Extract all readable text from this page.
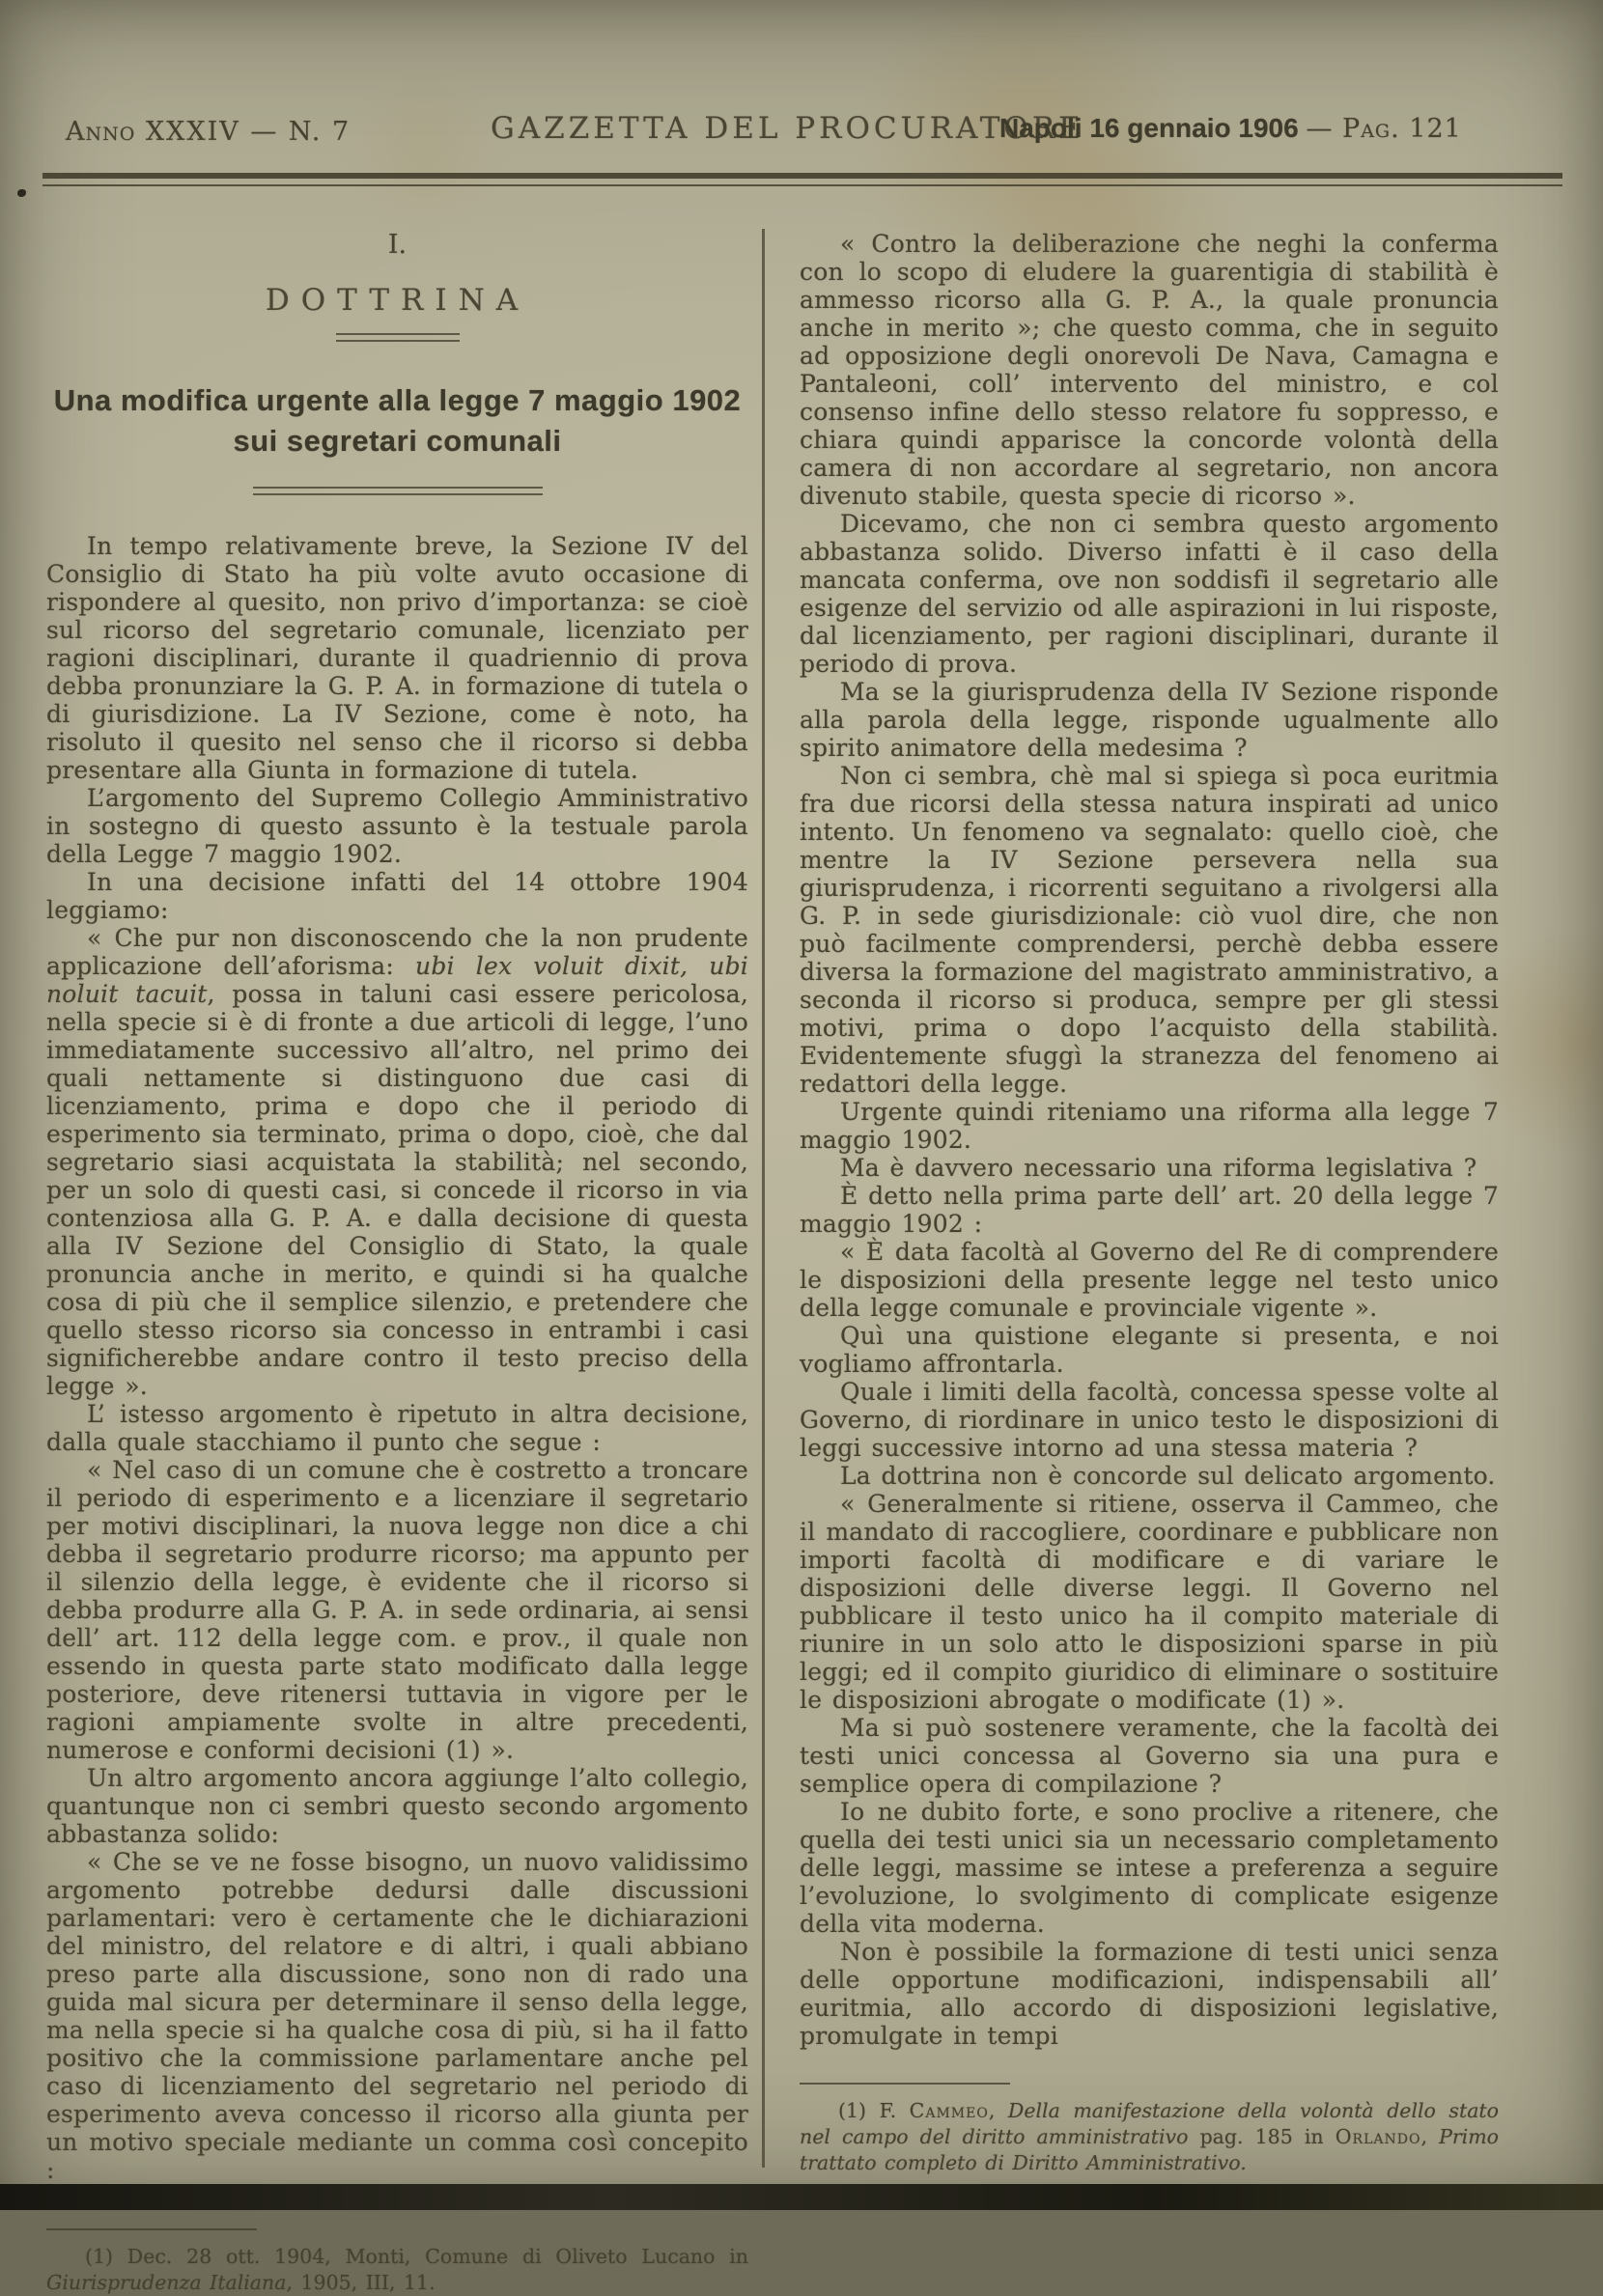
Anno XXXIV — N. 7	GAZZETTA DEL PROCURATORE
Napoli 16 gennaio 1906 — Pag. 121
I.
DOTTRINA
Una modifica urgente alla legge 7 maggio 1902
sui segretari comunali

In tempo relativamente breve, la Sezione IV del Consiglio di Stato ha più volte avuto occasione di rispondere al quesito, non privo d’importanza: se cioè sul ricorso del segretario comunale, licenziato per ragioni disciplinari, durante il quadriennio di prova debba pronunziare la G. P. A. in formazione di tutela o di giurisdizione. La IV Sezione, come è noto, ha risoluto il quesito nel senso che il ricorso si debba presentare alla Giunta in formazione di tutela.

L’argomento del Supremo Collegio Amministrativo in sostegno di questo assunto è la testuale parola della Legge 7 maggio 1902.

In una decisione infatti del 14 ottobre 1904 leggiamo:

« Che pur non disconoscendo che la non prudente applicazione dell’aforisma: ubi lex voluit dixit, ubi noluit tacuit, possa in taluni casi essere pericolosa, nella specie si è di fronte a due articoli di legge, l’uno immediatamente successivo all’altro, nel primo dei quali nettamente si distinguono due casi di licenziamento, prima e dopo che il periodo di esperimento sia terminato, prima o dopo, cioè, che dal segretario siasi acquistata la stabilità; nel secondo, per un solo di questi casi, si concede il ricorso in via contenziosa alla G. P. A. e dalla decisione di questa alla IV Sezione del Consiglio di Stato, la quale pronuncia anche in merito, e quindi si ha qualche cosa di più che il semplice silenzio, e pretendere che quello stesso ricorso sia concesso in entrambi i casi significherebbe andare contro il testo preciso della legge ».

L’ istesso argomento è ripetuto in altra decisione, dalla quale stacchiamo il punto che segue :

« Nel caso di un comune che è costretto a troncare il periodo di esperimento e a licenziare il segretario per motivi disciplinari, la nuova legge non dice a chi debba il segretario produrre ricorso; ma appunto per il silenzio della legge, è evidente che il ricorso si debba produrre alla G. P. A. in sede ordinaria, ai sensi dell’ art. 112 della legge com. e prov., il quale non essendo in questa parte stato modificato dalla legge posteriore, deve ritenersi tuttavia in vigore per le ragioni ampiamente svolte in altre precedenti, numerose e conformi decisioni (1) ».

Un altro argomento ancora aggiunge l’alto collegio, quantunque non ci sembri questo secondo argomento abbastanza solido:

« Che se ve ne fosse bisogno, un nuovo validissimo argomento potrebbe dedursi dalle discussioni parlamentari: vero è certamente che le dichiarazioni del ministro, del relatore e di altri, i quali abbiano preso parte alla discussione, sono non di rado una guida mal sicura per determinare il senso della legge, ma nella specie si ha qualche cosa di più, si ha il fatto positivo che la commissione parlamentare anche pel caso di licenziamento del segretario nel periodo di esperimento aveva concesso il ricorso alla giunta per un motivo speciale mediante un comma così concepito :

(1) Dec. 28 ott. 1904, Monti, Comune di Oliveto Lucano in Giurisprudenza Italiana, 1905, III, 11.

« Contro la deliberazione che neghi la conferma con lo scopo di eludere la guarentigia di stabilità è ammesso ricorso alla G. P. A., la quale pronuncia anche in merito »; che questo comma, che in seguito ad opposizione degli onorevoli De Nava, Camagna e Pantaleoni, coll’ intervento del ministro, e col consenso infine dello stesso relatore fu soppresso, e chiara quindi apparisce la concorde volontà della camera di non accordare al segretario, non ancora divenuto stabile, questa specie di ricorso ».

Dicevamo, che non ci sembra questo argomento abbastanza solido. Diverso infatti è il caso della mancata conferma, ove non soddisfi il segretario alle esigenze del servizio od alle aspirazioni in lui risposte, dal licenziamento, per ragioni disciplinari, durante il periodo di prova.

Ma se la giurisprudenza della IV Sezione risponde alla parola della legge, risponde ugualmente allo spirito animatore della medesima ?

Non ci sembra, chè mal si spiega sì poca euritmia fra due ricorsi della stessa natura inspirati ad unico intento. Un fenomeno va segnalato: quello cioè, che mentre la IV Sezione persevera nella sua giurisprudenza, i ricorrenti seguitano a rivolgersi alla G. P. in sede giurisdizionale: ciò vuol dire, che non può facilmente comprendersi, perchè debba essere diversa la formazione del magistrato amministrativo, a seconda il ricorso si produca, sempre per gli stessi motivi, prima o dopo l’acquisto della stabilità. Evidentemente sfuggì la stranezza del fenomeno ai redattori della legge.

Urgente quindi riteniamo una riforma alla legge 7 maggio 1902.

Ma è davvero necessario una riforma legislativa ?

È detto nella prima parte dell’ art. 20 della legge 7 maggio 1902 :

« È data facoltà al Governo del Re di comprendere le disposizioni della presente legge nel testo unico della legge comunale e provinciale vigente ».

Quì una quistione elegante si presenta, e noi vogliamo affrontarla.

Quale i limiti della facoltà, concessa spesse volte al Governo, di riordinare in unico testo le disposizioni di leggi successive intorno ad una stessa materia ?

La dottrina non è concorde sul delicato argomento.

« Generalmente si ritiene, osserva il Cammeo, che il mandato di raccogliere, coordinare e pubblicare non importi facoltà di modificare e di variare le disposizioni delle diverse leggi. Il Governo nel pubblicare il testo unico ha il compito materiale di riunire in un solo atto le disposizioni sparse in più leggi; ed il compito giuridico di eliminare o sostituire le disposizioni abrogate o modificate (1) ».

Ma si può sostenere veramente, che la facoltà dei testi unici concessa al Governo sia una pura e semplice opera di compilazione ?

Io ne dubito forte, e sono proclive a ritenere, che quella dei testi unici sia un necessario completamento delle leggi, massime se intese a preferenza a seguire l’evoluzione, lo svolgimento di complicate esigenze della vita moderna.

Non è possibile la formazione di testi unici senza delle opportune modificazioni, indispensabili all’ euritmia, allo accordo di disposizioni legislative, promulgate in tempi

(1) F. Cammeo, Della manifestazione della volontà dello stato nel campo del diritto amministrativo pag. 185 in Orlando, Primo trattato completo di Diritto Amministrativo.
